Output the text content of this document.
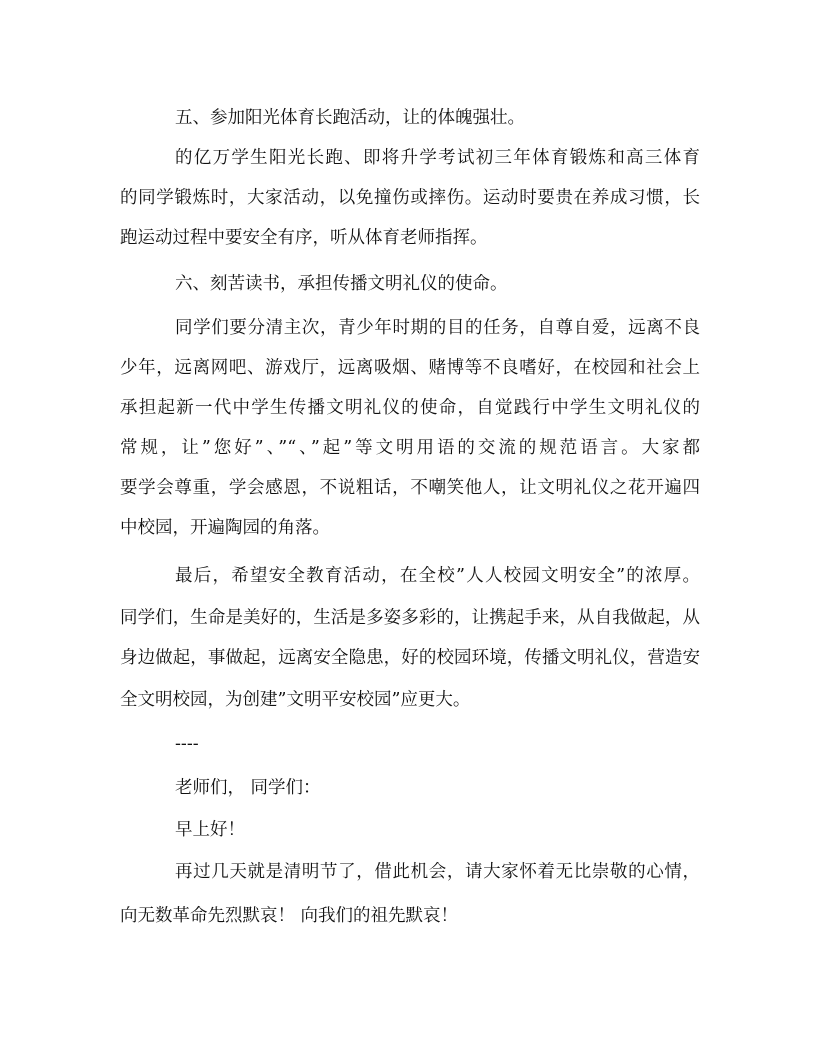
五、参加阳光体育长跑活动，让的体魄强壮。

的亿万学生阳光长跑、即将升学考试初三年体育锻炼和高三体育

的同学锻炼时，大家活动，以免撞伤或摔伤。运动时要贵在养成习惯，长

跑运动过程中要安全有序，听从体育老师指挥。

六、刻苦读书，承担传播文明礼仪的使命。

同学们要分清主次，青少年时期的目的任务，自尊自爱，远离不良

少年，远离网吧、游戏厅，远离吸烟、赌博等不良嗜好，在校园和社会上

承担起新一代中学生传播文明礼仪的使命，自觉践行中学生文明礼仪的

常规，让”您好”、”“、”起”等文明用语的交流的规范语言。大家都

要学会尊重，学会感恩，不说粗话，不嘲笑他人，让文明礼仪之花开遍四

中校园，开遍陶园的角落。

最后，希望安全教育活动，在全校”人人校园文明安全”的浓厚。

同学们，生命是美好的，生活是多姿多彩的，让携起手来，从自我做起，从

身边做起，事做起，远离安全隐患，好的校园环境，传播文明礼仪，营造安

全文明校园，为创建”文明平安校园”应更大。

----

老师们， 同学们：

早上好！

再过几天就是清明节了，借此机会，请大家怀着无比崇敬的心情，

向无数革命先烈默哀！ 向我们的祖先默哀！
